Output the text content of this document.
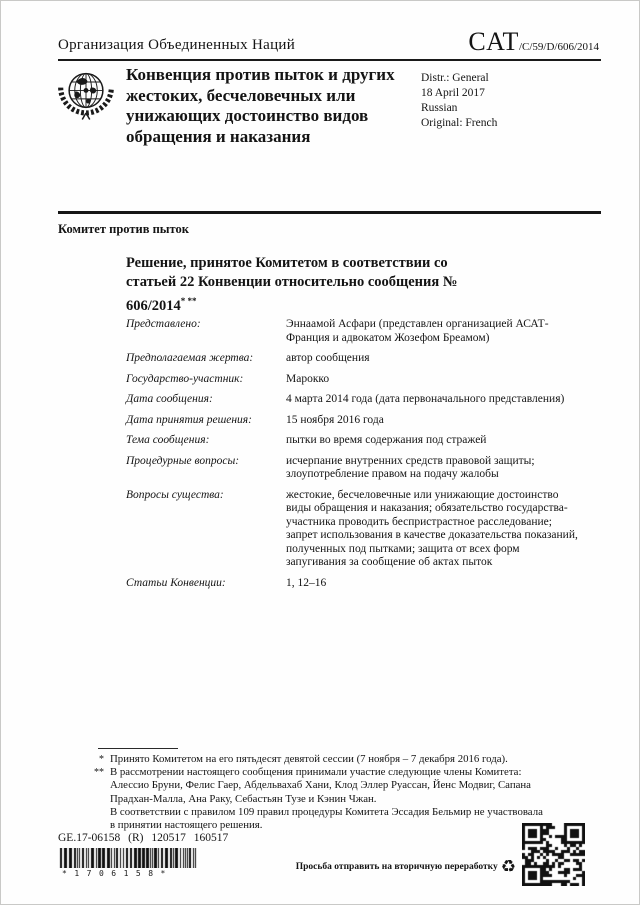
Организация Объединенных Наций	CAT /C/59/D/606/2014
Конвенция против пыток и других жестоких, бесчеловечных или унижающих достоинство видов обращения и наказания
Distr.: General
18 April 2017
Russian
Original: French
Комитет против пыток
Решение, принятое Комитетом в соответствии со статьей 22 Конвенции относительно сообщения № 606/2014* **
Представлено:	Эннаамой Асфари (представлен организацией АСАТ-Франция и адвокатом Жозефом Бреамом)
Предполагаемая жертва:	автор сообщения
Государство-участник:	Марокко
Дата сообщения:	4 марта 2014 года (дата первоначального представления)
Дата принятия решения:	15 ноября 2016 года
Тема сообщения:	пытки во время содержания под стражей
Процедурные вопросы:	исчерпание внутренних средств правовой защиты; злоупотребление правом на подачу жалобы
Вопросы существа:	жестокие, бесчеловечные или унижающие достоинство виды обращения и наказания; обязательство государства-участника проводить беспристрастное расследование; запрет использования в качестве доказательства показаний, полученных под пытками; защита от всех форм запугивания за сообщение об актах пыток
Статьи Конвенции:	1, 12–16
* Принято Комитетом на его пятьдесят девятой сессии (7 ноября – 7 декабря 2016 года).
** В рассмотрении настоящего сообщения принимали участие следующие члены Комитета: Алессио Бруни, Фелис Гаер, Абдельвахаб Хани, Клод Эллер Руассан, Йенс Модвиг, Сапана Прадхан-Малла, Ана Раку, Себастьян Тузе и Кэнин Чжан.
В соответствии с правилом 109 правил процедуры Комитета Эссадия Бельмир не участвовала в принятии настоящего решения.
GE.17-06158 (R) 120517 160517
*1706158*
Просьба отправить на вторичную переработку ♻
